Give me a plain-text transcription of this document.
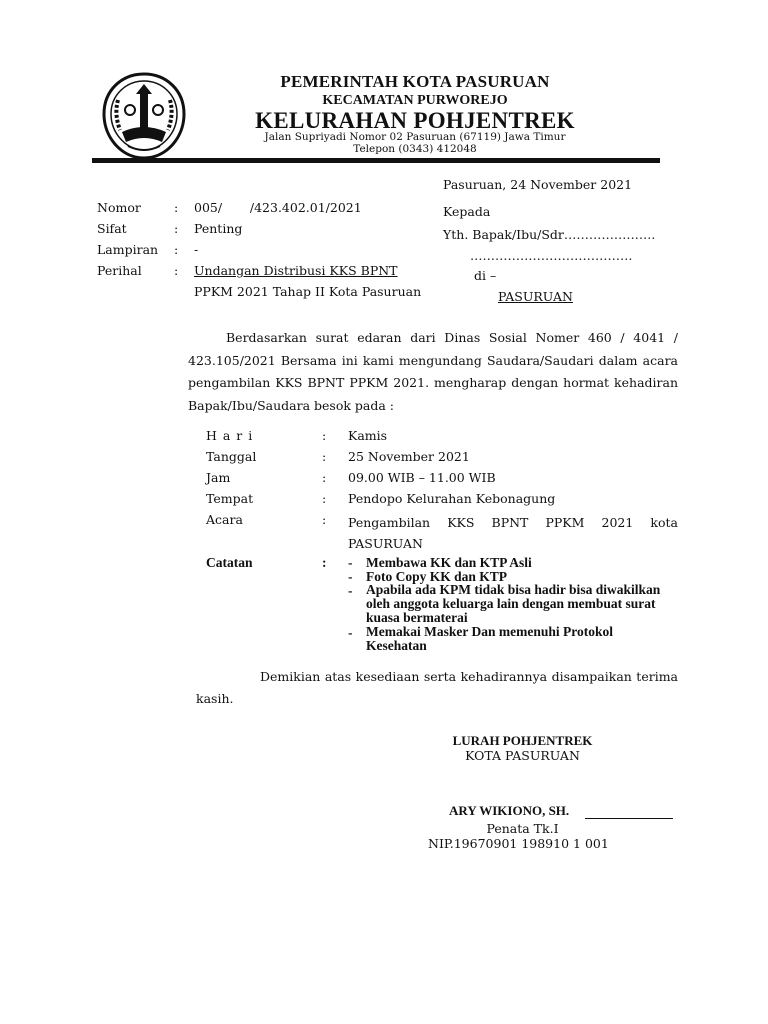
PEMERINTAH KOTA PASURUAN
KECAMATAN PURWOREJO
KELURAHAN POHJENTREK
Jalan Supriyadi Nomor 02 Pasuruan (67119) Jawa Timur
Telepon (0343) 412048
Pasuruan, 24 November 2021
Kepada
Yth. Bapak/Ibu/Sdr………………….
…………………………………
di –
PASURUAN
Nomor	: 005/       /423.402.01/2021
Sifat	: Penting
Lampiran : -
Perihal	: Undangan Distribusi KKS BPNT
PPKM 2021 Tahap II Kota Pasuruan
Berdasarkan surat edaran dari Dinas Sosial Nomer 460 / 4041 / 423.105/2021 Bersama ini kami mengundang Saudara/Saudari dalam acara pengambilan KKS BPNT PPKM 2021. mengharap dengan hormat kehadiran Bapak/Ibu/Saudara besok pada :
H a r i	: Kamis
Tanggal	: 25 November 2021
Jam	: 09.00 WIB – 11.00 WIB
Tempat	: Pendopo Kelurahan Kebonagung
Acara	: Pengambilan KKS BPNT PPKM 2021 kota PASURUAN
Catatan	: - Membawa KK dan KTP Asli
- Foto Copy KK dan KTP
- Apabila ada KPM tidak bisa hadir bisa diwakilkan oleh anggota keluarga lain dengan membuat surat kuasa bermaterai
- Memakai Masker Dan memenuhi Protokol Kesehatan
Demikian atas kesediaan serta kehadirannya disampaikan terima kasih.
LURAH POHJENTREK
KOTA PASURUAN
ARY WIKIONO, SH.
Penata Tk.I
NIP.19670901 198910 1 001
